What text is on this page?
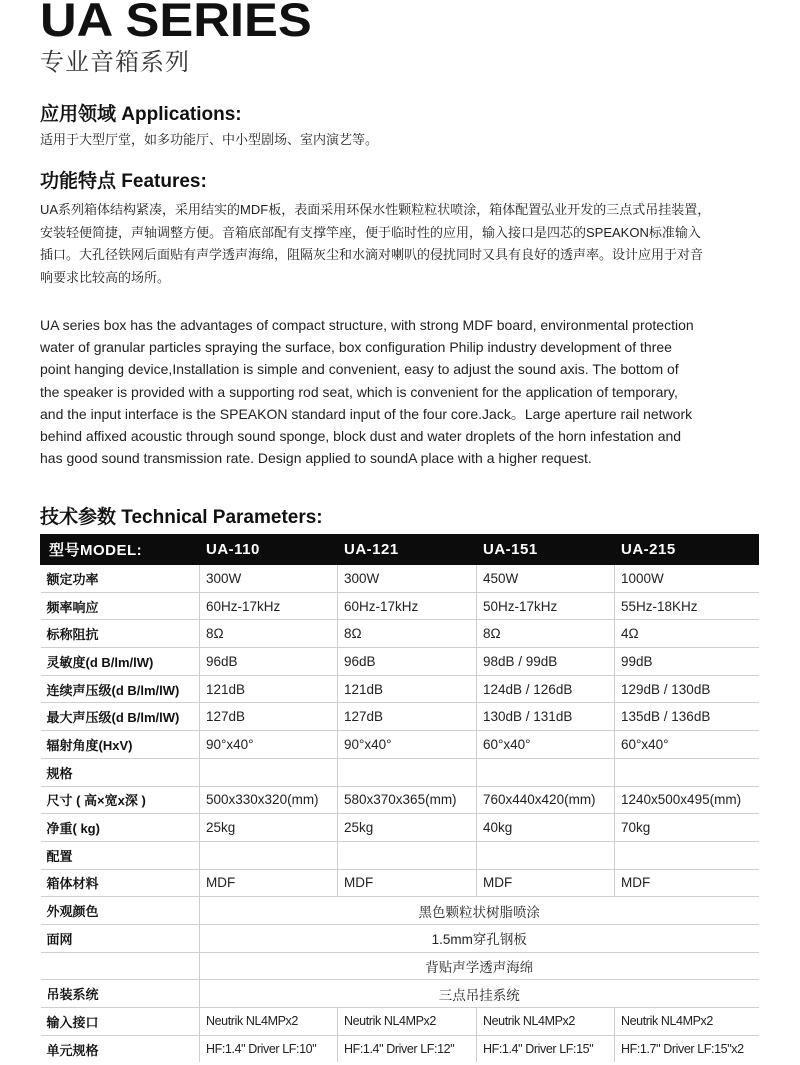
UA SERIES
专业音箱系列
应用领域 Applications:
适用于大型厅堂，如多功能厅、中小型剧场、室内演艺等。
功能特点 Features:

UA系列箱体结构紧凑，采用结实的MDF板，表面采用环保水性颗粒粒状喷涂，箱体配置弘业开发的三点式吊挂装置，
安装轻便简捷，声轴调整方便。音箱底部配有支撑竿座，便于临时性的应用，输入接口是四芯的SPEAKON标准输入
插口。大孔径铁网后面贴有声学透声海绵，阻隔灰尘和水滴对喇叭的侵扰同时又具有良好的透声率。设计应用于对音
响要求比较高的场所。

UA series box has the advantages of compact structure, with strong MDF board, environmental protection
water of granular particles spraying the surface, box configuration Philip industry development of three
point hanging device,Installation is simple and convenient, easy to adjust the sound axis. The bottom of
the speaker is provided with a supporting rod seat, which is convenient for the application of temporary,
and the input interface is the SPEAKON standard input of the four core.Jack。Large aperture rail network
behind affixed acoustic through sound sponge, block dust and water droplets of the horn infestation and
has good sound transmission rate. Design applied to soundA place with a higher request.

技术参数 Technical Parameters:
型号MODEL:	UA-110	UA-121	UA-151	UA-215
额定功率	300W	300W	450W	1000W
频率响应	60Hz-17kHz	60Hz-17kHz	50Hz-17kHz	55Hz-18KHz
标称阻抗	8Ω	8Ω	8Ω	4Ω
灵敏度(d B/lm/lW)	96dB	96dB	98dB / 99dB	99dB
连续声压级(d B/lm/lW)	121dB	121dB	124dB / 126dB	129dB / 130dB
最大声压级(d B/lm/lW)	127dB	127dB	130dB / 131dB	135dB / 136dB
辐射角度(HxV)	90°x40°	90°x40°	60°x40°	60°x40°
规格				
尺寸 ( 高×宽x深 )	500x330x320(mm)	580x370x365(mm)	760x440x420(mm)	1240x500x495(mm)
净重( kg)	25kg	25kg	40kg	70kg
配置				
箱体材料	MDF	MDF	MDF	MDF
外观颜色	黑色颗粒状树脂喷涂			
面网	1.5mm穿孔钢板			
	背贴声学透声海绵			
吊装系统	三点吊挂系统			
输入接口	Neutrik NL4MPx2	Neutrik NL4MPx2	Neutrik NL4MPx2	Neutrik NL4MPx2
单元规格	HF:1.4" Driver LF:10"	HF:1.4" Driver LF:12"	HF:1.4" Driver LF:15"	HF:1.7" Driver LF:15"x2
